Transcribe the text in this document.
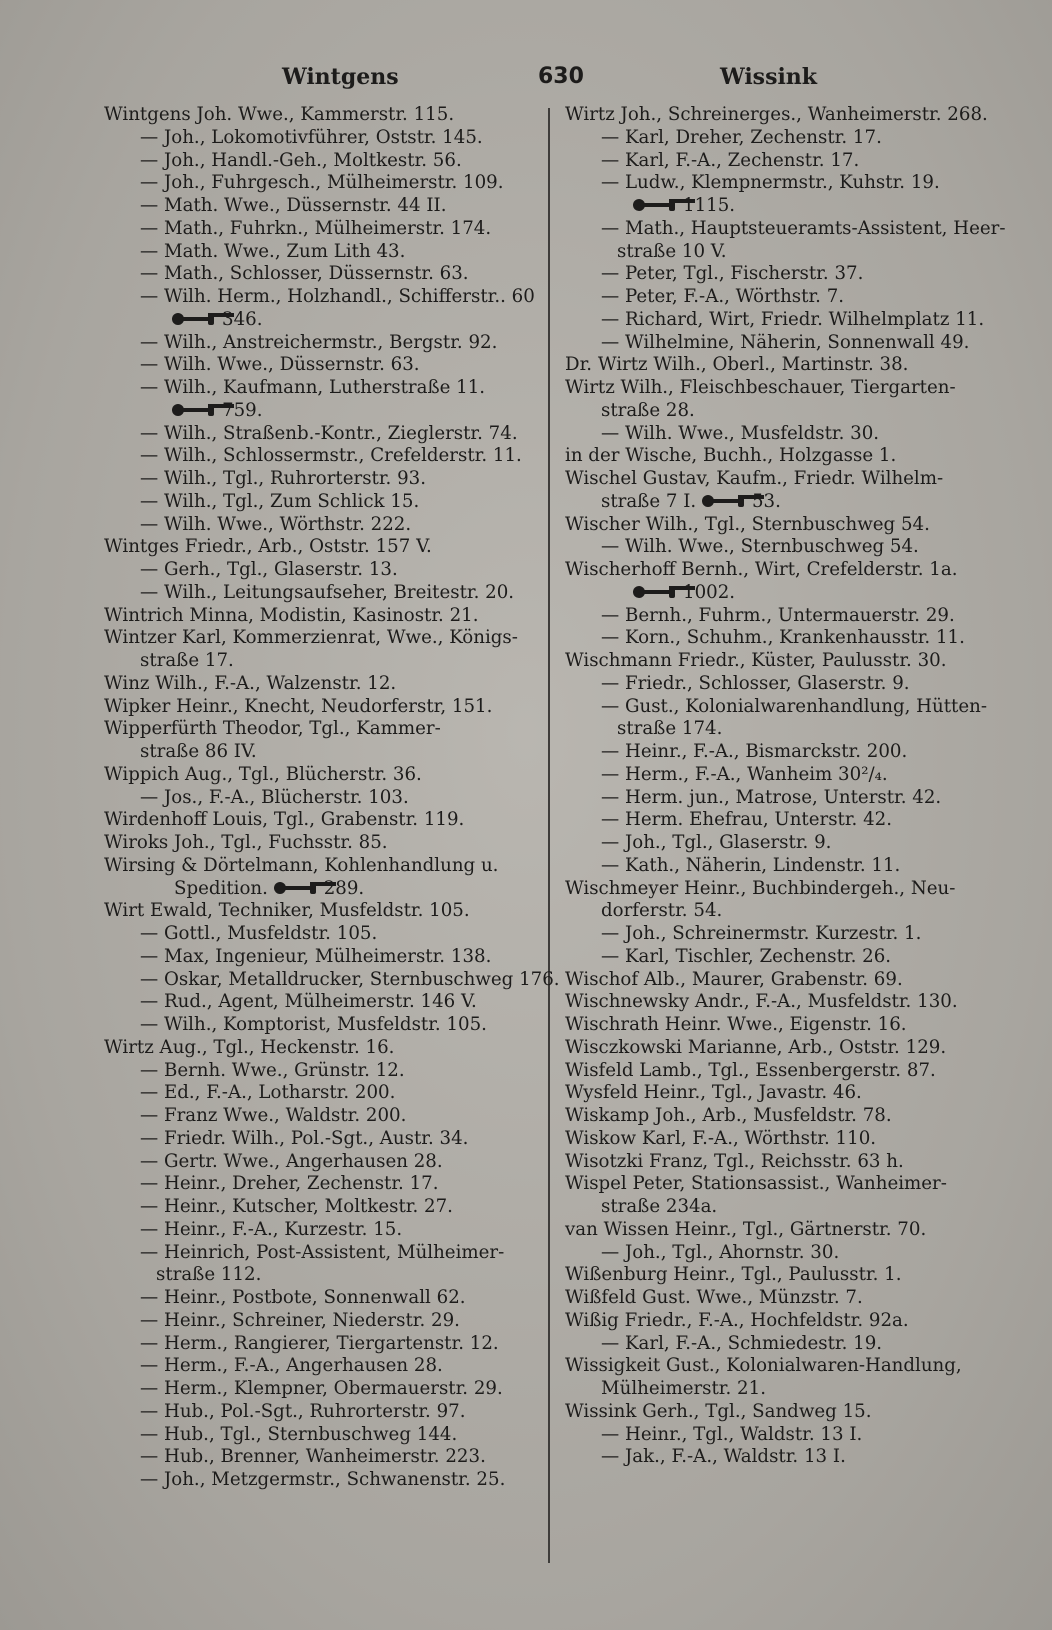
Wintgens	630	Wissink
Wintgens Joh. Wwe., Kammerstr. 115.
— Joh., Lokomotivführer, Oststr. 145.
— Joh., Handl.-Geh., Moltkestr. 56.
— Joh., Fuhrgesch., Mülheimerstr. 109.
— Math. Wwe., Düssernstr. 44 II.
— Math., Fuhrkn., Mülheimerstr. 174.
— Math. Wwe., Zum Lith 43.
— Math., Schlosser, Düssernstr. 63.
— Wilh. Herm., Holzhandl., Schifferstr.. 60
346.
— Wilh., Anstreichermstr., Bergstr. 92.
— Wilh. Wwe., Düssernstr. 63.
— Wilh., Kaufmann, Lutherstraße 11.
759.
— Wilh., Straßenb.-Kontr., Zieglerstr. 74.
— Wilh., Schlossermstr., Crefelderstr. 11.
— Wilh., Tgl., Ruhrorterstr. 93.
— Wilh., Tgl., Zum Schlick 15.
— Wilh. Wwe., Wörthstr. 222.
Wintges Friedr., Arb., Oststr. 157 V.
— Gerh., Tgl., Glaserstr. 13.
— Wilh., Leitungsaufseher, Breitestr. 20.
Wintrich Minna, Modistin, Kasinostr. 21.
Wintzer Karl, Kommerzienrat, Wwe., Königs-
straße 17.
Winz Wilh., F.-A., Walzenstr. 12.
Wipker Heinr., Knecht, Neudorferstr, 151.
Wipperfürth Theodor, Tgl., Kammer-
straße 86 IV.
Wippich Aug., Tgl., Blücherstr. 36.
— Jos., F.-A., Blücherstr. 103.
Wirdenhoff Louis, Tgl., Grabenstr. 119.
Wiroks Joh., Tgl., Fuchsstr. 85.
Wirsing & Dörtelmann, Kohlenhandlung u.
Spedition.	289.
Wirt Ewald, Techniker, Musfeldstr. 105.
— Gottl., Musfeldstr. 105.
— Max, Ingenieur, Mülheimerstr. 138.
— Oskar, Metalldrucker, Sternbuschweg 176.
— Rud., Agent, Mülheimerstr. 146 V.
— Wilh., Komptorist, Musfeldstr. 105.
Wirtz Aug., Tgl., Heckenstr. 16.
— Bernh. Wwe., Grünstr. 12.
— Ed., F.-A., Lotharstr. 200.
— Franz Wwe., Waldstr. 200.
— Friedr. Wilh., Pol.-Sgt., Austr. 34.
— Gertr. Wwe., Angerhausen 28.
— Heinr., Dreher, Zechenstr. 17.
— Heinr., Kutscher, Moltkestr. 27.
— Heinr., F.-A., Kurzestr. 15.
— Heinrich, Post-Assistent, Mülheimer-
straße 112.
— Heinr., Postbote, Sonnenwall 62.
— Heinr., Schreiner, Niederstr. 29.
— Herm., Rangierer, Tiergartenstr. 12.
— Herm., F.-A., Angerhausen 28.
— Herm., Klempner, Obermauerstr. 29.
— Hub., Pol.-Sgt., Ruhrorterstr. 97.
— Hub., Tgl., Sternbuschweg 144.
— Hub., Brenner, Wanheimerstr. 223.
— Joh., Metzgermstr., Schwanenstr. 25.
Wirtz Joh., Schreinerges., Wanheimerstr. 268.
— Karl, Dreher, Zechenstr. 17.
— Karl, F.-A., Zechenstr. 17.
— Ludw., Klempnermstr., Kuhstr. 19.
1115.
— Math., Hauptsteueramts-Assistent, Heer-
straße 10 V.
— Peter, Tgl., Fischerstr. 37.
— Peter, F.-A., Wörthstr. 7.
— Richard, Wirt, Friedr. Wilhelmplatz 11.
— Wilhelmine, Näherin, Sonnenwall 49.
Dr. Wirtz Wilh., Oberl., Martinstr. 38.
Wirtz Wilh., Fleischbeschauer, Tiergarten-
straße 28.
— Wilh. Wwe., Musfeldstr. 30.
in der Wische, Buchh., Holzgasse 1.
Wischel Gustav, Kaufm., Friedr. Wilhelm-
straße 7 I.	53.
Wischer Wilh., Tgl., Sternbuschweg 54.
— Wilh. Wwe., Sternbuschweg 54.
Wischerhoff Bernh., Wirt, Crefelderstr. 1a.
1002.
— Bernh., Fuhrm., Untermauerstr. 29.
— Korn., Schuhm., Krankenhausstr. 11.
Wischmann Friedr., Küster, Paulusstr. 30.
— Friedr., Schlosser, Glaserstr. 9.
— Gust., Kolonialwarenhandlung, Hütten-
straße 174.
— Heinr., F.-A., Bismarckstr. 200.
— Herm., F.-A., Wanheim 30²/₄.
— Herm. jun., Matrose, Unterstr. 42.
— Herm. Ehefrau, Unterstr. 42.
— Joh., Tgl., Glaserstr. 9.
— Kath., Näherin, Lindenstr. 11.
Wischmeyer Heinr., Buchbindergeh., Neu-
dorferstr. 54.
— Joh., Schreinermstr. Kurzestr. 1.
— Karl, Tischler, Zechenstr. 26.
Wischof Alb., Maurer, Grabenstr. 69.
Wischnewsky Andr., F.-A., Musfeldstr. 130.
Wischrath Heinr. Wwe., Eigenstr. 16.
Wisczkowski Marianne, Arb., Oststr. 129.
Wisfeld Lamb., Tgl., Essenbergerstr. 87.
Wysfeld Heinr., Tgl., Javastr. 46.
Wiskamp Joh., Arb., Musfeldstr. 78.
Wiskow Karl, F.-A., Wörthstr. 110.
Wisotzki Franz, Tgl., Reichsstr. 63 h.
Wispel Peter, Stationsassist., Wanheimer-
straße 234a.
van Wissen Heinr., Tgl., Gärtnerstr. 70.
— Joh., Tgl., Ahornstr. 30.
Wißenburg Heinr., Tgl., Paulusstr. 1.
Wißfeld Gust. Wwe., Münzstr. 7.
Wißig Friedr., F.-A., Hochfeldstr. 92a.
— Karl, F.-A., Schmiedestr. 19.
Wissigkeit Gust., Kolonialwaren-Handlung,
Mülheimerstr. 21.
Wissink Gerh., Tgl., Sandweg 15.
— Heinr., Tgl., Waldstr. 13 I.
— Jak., F.-A., Waldstr. 13 I.
